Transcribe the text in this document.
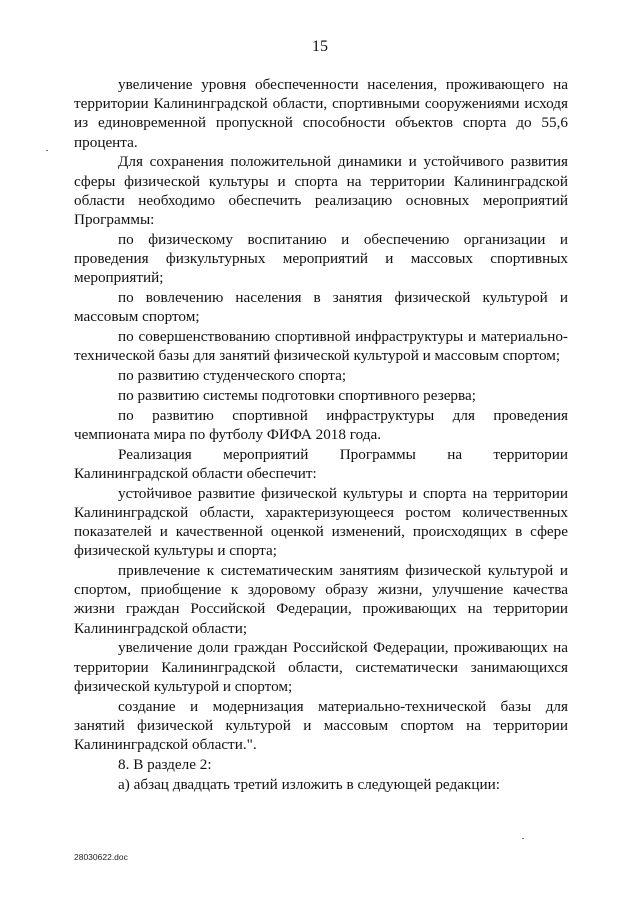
15

увеличение уровня обеспеченности населения, проживающего на территории Калининградской области, спортивными сооружениями исходя из единовременной пропускной способности объектов спорта до 55,6 процента.

Для сохранения положительной динамики и устойчивого развития сферы физической культуры и спорта на территории Калининградской области необходимо обеспечить реализацию основных мероприятий Программы:

по физическому воспитанию и обеспечению организации и проведения физкультурных мероприятий и массовых спортивных мероприятий;

по вовлечению населения в занятия физической культурой и массовым спортом;

по совершенствованию спортивной инфраструктуры и материально-технической базы для занятий физической культурой и массовым спортом;

по развитию студенческого спорта;

по развитию системы подготовки спортивного резерва;

по развитию спортивной инфраструктуры для проведения чемпионата мира по футболу ФИФА 2018 года.

Реализация мероприятий Программы на территории Калининградской области обеспечит:

устойчивое развитие физической культуры и спорта на территории Калининградской области, характеризующееся ростом количественных показателей и качественной оценкой изменений, происходящих в сфере физической культуры и спорта;

привлечение к систематическим занятиям физической культурой и спортом, приобщение к здоровому образу жизни, улучшение качества жизни граждан Российской Федерации, проживающих на территории Калининградской области;

увеличение доли граждан Российской Федерации, проживающих на территории Калининградской области, систематически занимающихся физической культурой и спортом;

создание и модернизация материально-технической базы для занятий физической культурой и массовым спортом на территории Калининградской области.".

8. В разделе 2:

а) абзац двадцать третий изложить в следующей редакции:

28030622.doc
